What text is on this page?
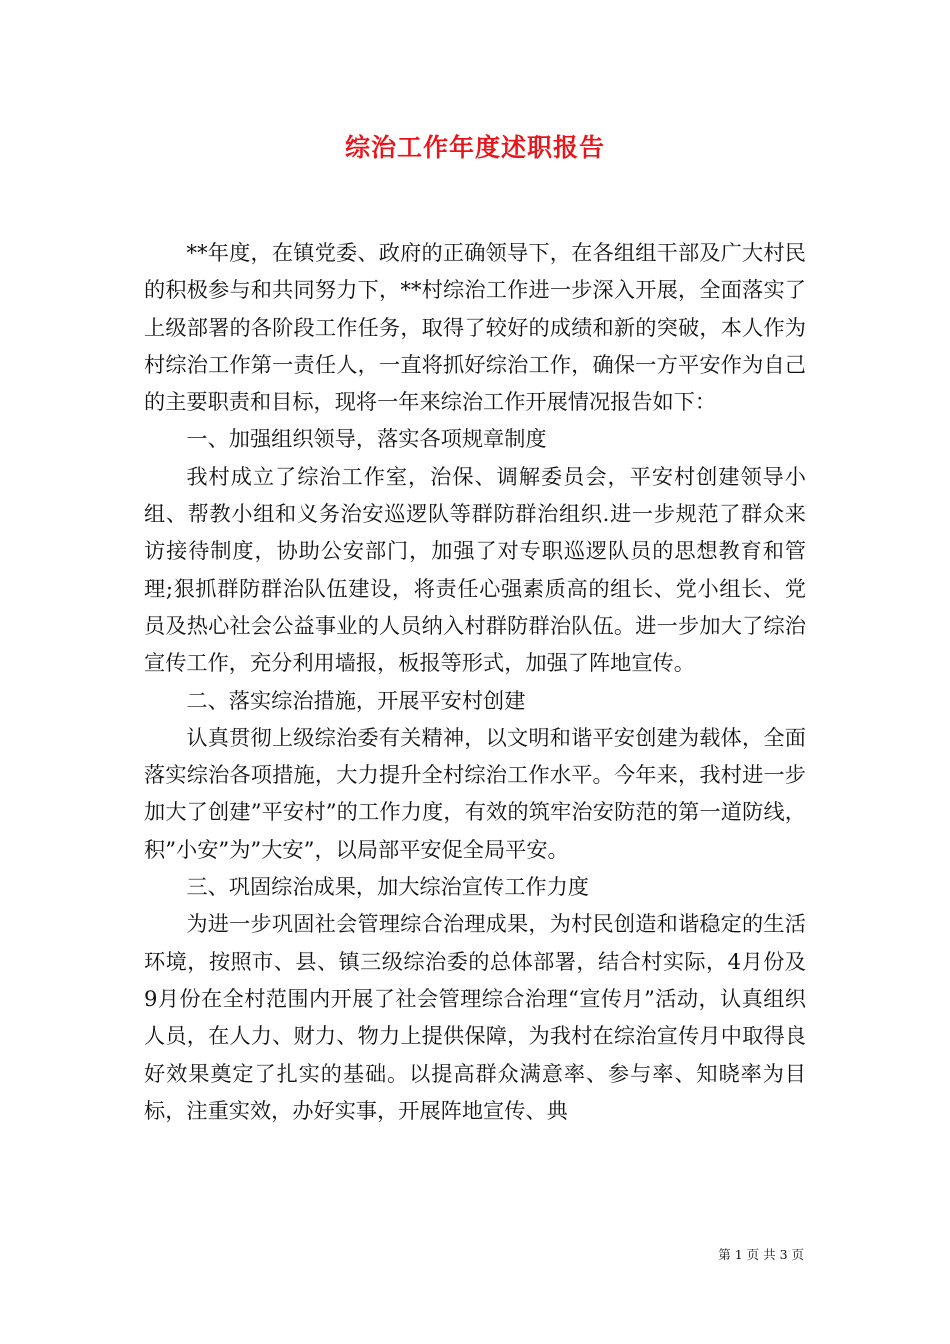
综治工作年度述职报告

**年度，在镇党委、政府的正确领导下，在各组组干部及广大村民的积极参与和共同努力下，**村综治工作进一步深入开展，全面落实了上级部署的各阶段工作任务，取得了较好的成绩和新的突破，本人作为村综治工作第一责任人，一直将抓好综治工作，确保一方平安作为自己的主要职责和目标，现将一年来综治工作开展情况报告如下：

一、加强组织领导，落实各项规章制度

我村成立了综治工作室，治保、调解委员会，平安村创建领导小组、帮教小组和义务治安巡逻队等群防群治组织.进一步规范了群众来访接待制度，协助公安部门，加强了对专职巡逻队员的思想教育和管理;狠抓群防群治队伍建设，将责任心强素质高的组长、党小组长、党员及热心社会公益事业的人员纳入村群防群治队伍。进一步加大了综治宣传工作，充分利用墙报，板报等形式，加强了阵地宣传。

二、落实综治措施，开展平安村创建

认真贯彻上级综治委有关精神，以文明和谐平安创建为载体，全面落实综治各项措施，大力提升全村综治工作水平。今年来，我村进一步加大了创建”平安村”的工作力度，有效的筑牢治安防范的第一道防线，积”小安”为”大安”，以局部平安促全局平安。

三、巩固综治成果，加大综治宣传工作力度

为进一步巩固社会管理综合治理成果，为村民创造和谐稳定的生活环境，按照市、县、镇三级综治委的总体部署，结合村实际，4月份及9月份在全村范围内开展了社会管理综合治理“宣传月”活动，认真组织人员，在人力、财力、物力上提供保障，为我村在综治宣传月中取得良好效果奠定了扎实的基础。以提高群众满意率、参与率、知晓率为目标，注重实效，办好实事，开展阵地宣传、典

第 1 页 共 3 页
